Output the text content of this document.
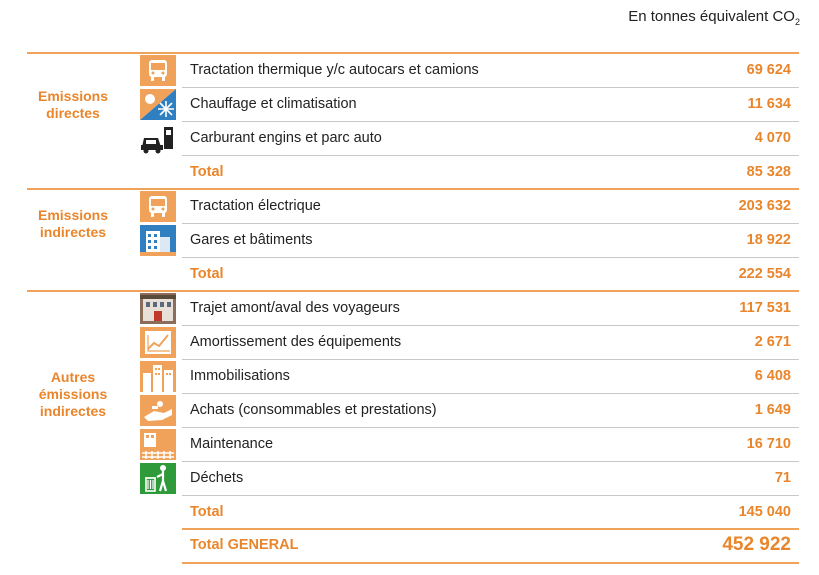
En tonnes équivalent $CO_2$
Emissions directes
Tractation thermique y/c autocars et camions	69 624
Chauffage et climatisation	11 634
Carburant engins et parc auto	4 070
Total	85 328
Emissions indirectes
Tractation électrique	203 632
Gares et bâtiments	18 922
Total	222 554
Autres émissions indirectes
Trajet amont/aval des voyageurs	117 531
Amortissement des équipements	2 671
Immobilisations	6 408
Achats (consommables et prestations)	1 649
Maintenance	16 710
Déchets	71
Total	145 040
Total GENERAL	452 922
